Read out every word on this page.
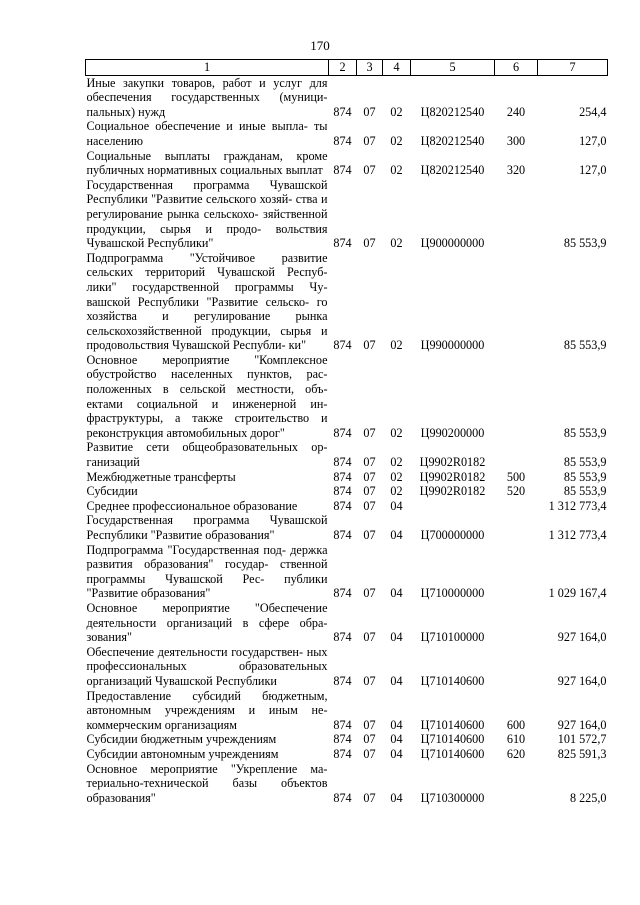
170
1	2	3	4	5	6	7
Иные закупки товаров, работ и услуг для обеспечения государственных (муници- пальных) нужд	874	07	02	Ц820212540	240	254,4
Социальное обеспечение и иные выпла- ты населению	874	07	02	Ц820212540	300	127,0
Социальные выплаты гражданам, кроме публичных нормативных социальных выплат	874	07	02	Ц820212540	320	127,0
Государственная программа Чувашской Республики "Развитие сельского хозяй- ства и регулирование рынка сельскохо- зяйственной продукции, сырья и продо- вольствия Чувашской Республики"	874	07	02	Ц900000000		85 553,9
Подпрограмма "Устойчивое развитие сельских территорий Чувашской Респуб- лики" государственной программы Чу- вашской Республики "Развитие сельско- го хозяйства и регулирование рынка сельскохозяйственной продукции, сырья и продовольствия Чувашской Республи- ки"	874	07	02	Ц990000000		85 553,9
Основное мероприятие "Комплексное обустройство населенных пунктов, рас- положенных в сельской местности, объ- ектами социальной и инженерной ин- фраструктуры, а также строительство и реконструкция автомобильных дорог"	874	07	02	Ц990200000		85 553,9
Развитие сети общеобразовательных ор- ганизаций	874	07	02	Ц9902R0182		85 553,9
Межбюджетные трансферты	874	07	02	Ц9902R0182	500	85 553,9
Субсидии	874	07	02	Ц9902R0182	520	85 553,9
Среднее профессиональное образование	874	07	04			1 312 773,4
Государственная программа Чувашской Республики "Развитие образования"	874	07	04	Ц700000000		1 312 773,4
Подпрограмма "Государственная под- держка развития образования" государ- ственной программы Чувашской Рес- публики "Развитие образования"	874	07	04	Ц710000000		1 029 167,4
Основное мероприятие "Обеспечение деятельности организаций в сфере обра- зования"	874	07	04	Ц710100000		927 164,0
Обеспечение деятельности государствен- ных профессиональных образовательных организаций Чувашской Республики	874	07	04	Ц710140600		927 164,0
Предоставление субсидий бюджетным, автономным учреждениям и иным не- коммерческим организациям	874	07	04	Ц710140600	600	927 164,0
Субсидии бюджетным учреждениям	874	07	04	Ц710140600	610	101 572,7
Субсидии автономным учреждениям	874	07	04	Ц710140600	620	825 591,3
Основное мероприятие "Укрепление ма- териально-технической базы объектов образования"	874	07	04	Ц710300000		8 225,0
